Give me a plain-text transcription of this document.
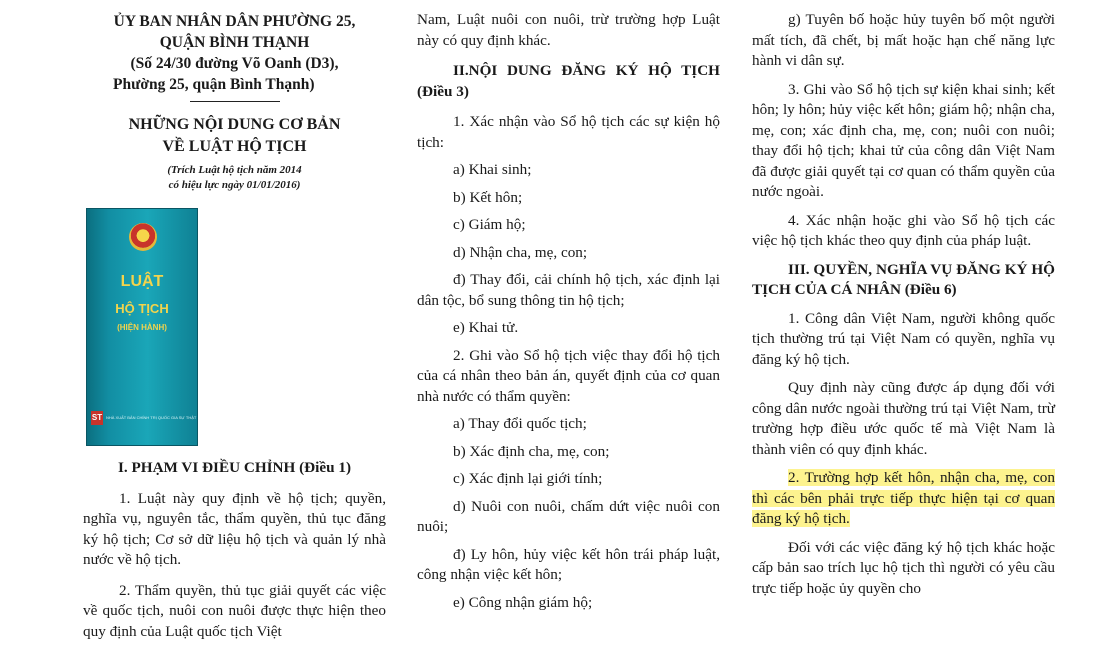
ỦY BAN NHÂN DÂN PHƯỜNG 25,
QUẬN BÌNH THẠNH
(Số 24/30 đường Võ Oanh (D3),
Phường 25, quận Bình Thạnh)
NHỮNG NỘI DUNG CƠ BẢN
VỀ LUẬT HỘ TỊCH
(Trích Luật hộ tịch năm 2014
có hiệu lực ngày 01/01/2016)
LUẬT
HỘ TỊCH
(HIỆN HÀNH)
ST NHÀ XUẤT BẢN CHÍNH TRỊ QUỐC GIA SỰ THẬT

I. PHẠM VI ĐIỀU CHỈNH (Điều 1)

1. Luật này quy định về hộ tịch; quyền, nghĩa vụ, nguyên tắc, thẩm quyền, thủ tục đăng ký hộ tịch; Cơ sở dữ liệu hộ tịch và quản lý nhà nước về hộ tịch.

2. Thẩm quyền, thủ tục giải quyết các việc về quốc tịch, nuôi con nuôi được thực hiện theo quy định của Luật quốc tịch Việt

Nam, Luật nuôi con nuôi, trừ trường hợp Luật này có quy định khác.

II.NỘI DUNG ĐĂNG KÝ HỘ TỊCH (Điều 3)

1. Xác nhận vào Sổ hộ tịch các sự kiện hộ tịch:

a) Khai sinh;

b) Kết hôn;

c) Giám hộ;

d) Nhận cha, mẹ, con;

đ) Thay đổi, cải chính hộ tịch, xác định lại dân tộc, bổ sung thông tin hộ tịch;

e) Khai tử.

2. Ghi vào Sổ hộ tịch việc thay đổi hộ tịch của cá nhân theo bản án, quyết định của cơ quan nhà nước có thẩm quyền:

a) Thay đổi quốc tịch;

b) Xác định cha, mẹ, con;

c) Xác định lại giới tính;

d) Nuôi con nuôi, chấm dứt việc nuôi con nuôi;

đ) Ly hôn, hủy việc kết hôn trái pháp luật, công nhận việc kết hôn;

e) Công nhận giám hộ;

g) Tuyên bố hoặc hủy tuyên bố một người mất tích, đã chết, bị mất hoặc hạn chế năng lực hành vi dân sự.

3. Ghi vào Sổ hộ tịch sự kiện khai sinh; kết hôn; ly hôn; hủy việc kết hôn; giám hộ; nhận cha, mẹ, con; xác định cha, mẹ, con; nuôi con nuôi; thay đổi hộ tịch; khai tử của công dân Việt Nam đã được giải quyết tại cơ quan có thẩm quyền của nước ngoài.

4. Xác nhận hoặc ghi vào Sổ hộ tịch các việc hộ tịch khác theo quy định của pháp luật.

III. QUYỀN, NGHĨA VỤ ĐĂNG KÝ HỘ TỊCH CỦA CÁ NHÂN (Điều 6)

1. Công dân Việt Nam, người không quốc tịch thường trú tại Việt Nam có quyền, nghĩa vụ đăng ký hộ tịch.

Quy định này cũng được áp dụng đối với công dân nước ngoài thường trú tại Việt Nam, trừ trường hợp điều ước quốc tế mà Việt Nam là thành viên có quy định khác.

2. Trường hợp kết hôn, nhận cha, mẹ, con thì các bên phải trực tiếp thực hiện tại cơ quan đăng ký hộ tịch.

Đối với các việc đăng ký hộ tịch khác hoặc cấp bản sao trích lục hộ tịch thì người có yêu cầu trực tiếp hoặc ủy quyền cho
